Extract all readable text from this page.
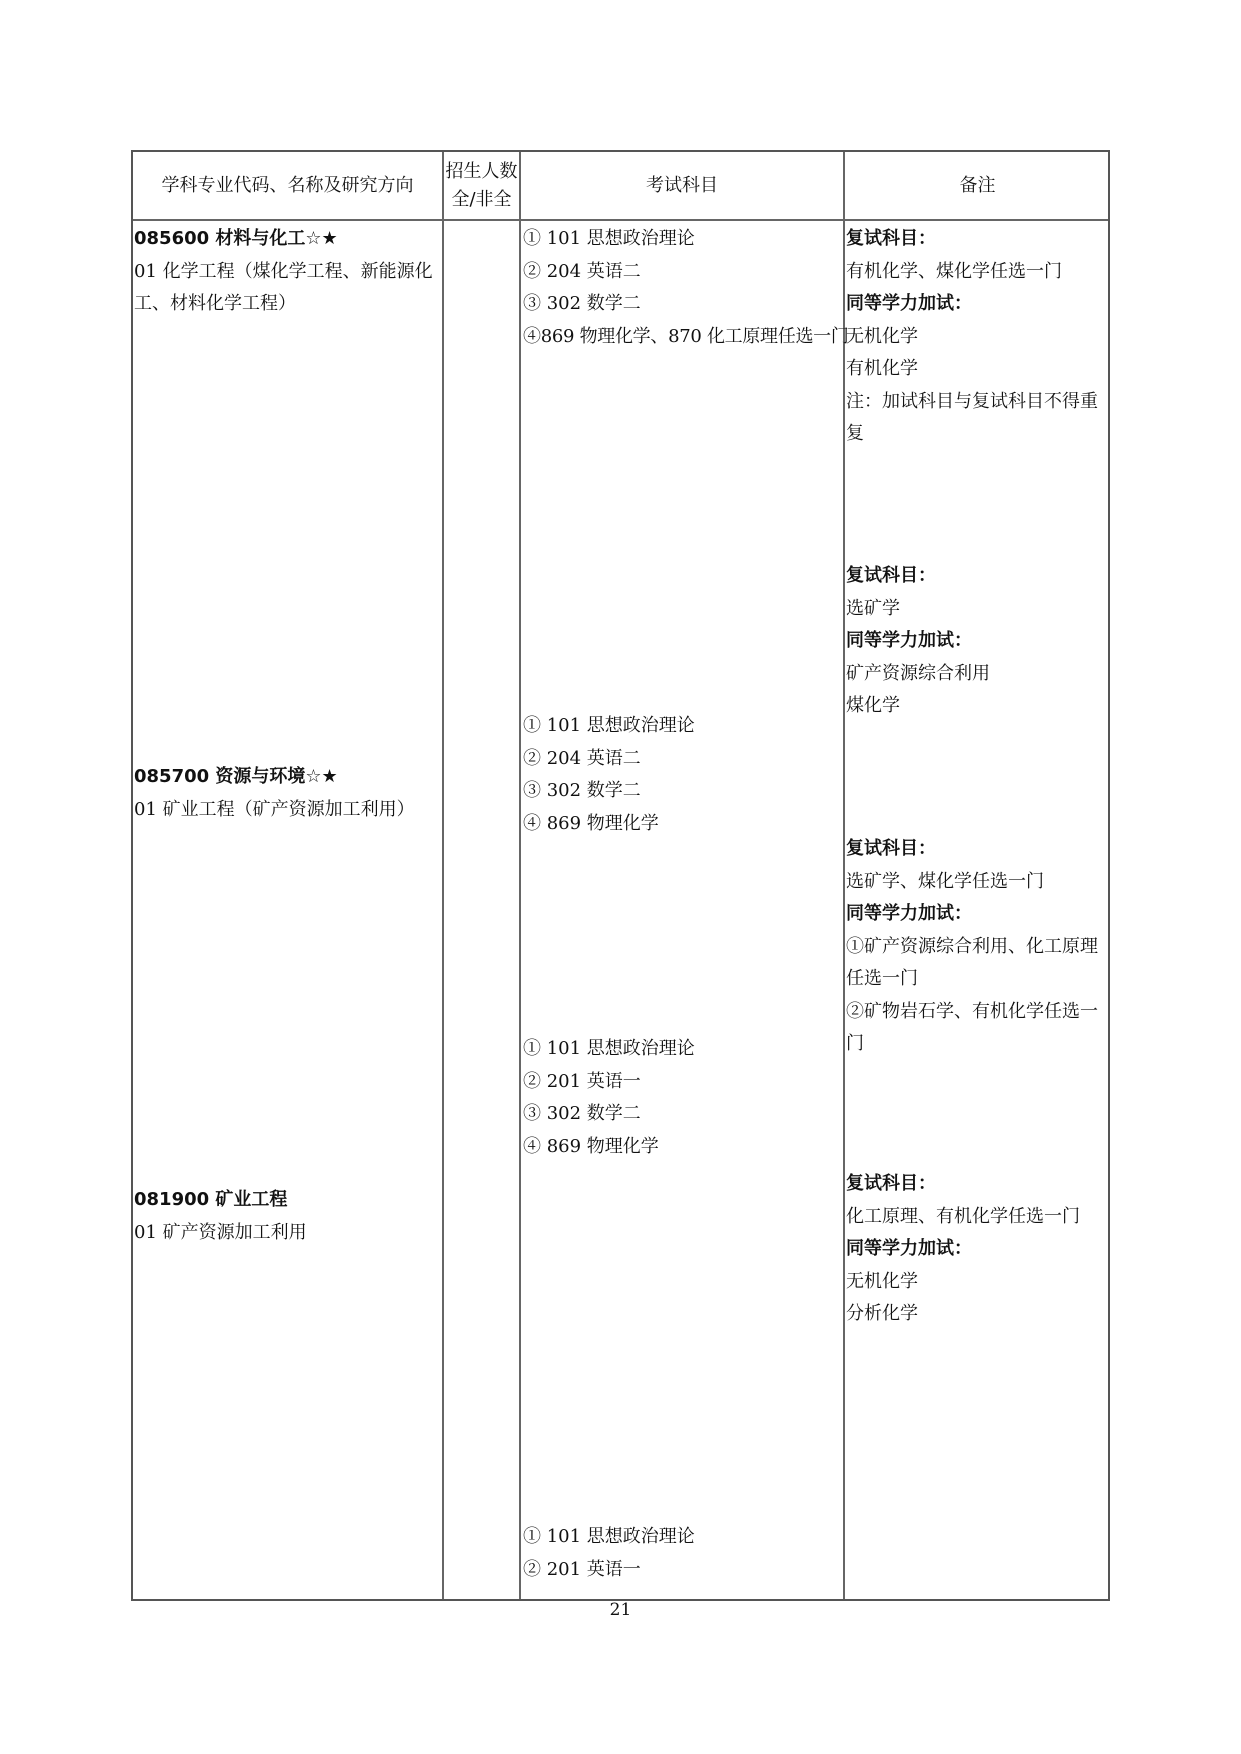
学科专业代码、名称及研究方向
招生人数
全/非全
考试科目	备注
085600 材料与化工☆★
01 化学工程（煤化学工程、新能源化工、材料化学工程）
085700 资源与环境☆★
01 矿业工程（矿产资源加工利用）
081900 矿业工程
01 矿产资源加工利用
① 101 思想政治理论
② 204 英语二
③ 302 数学二
④869 物理化学、870 化工原理任选一门
① 101 思想政治理论
② 204 英语二
③ 302 数学二
④ 869 物理化学
① 101 思想政治理论
② 201 英语一
③ 302 数学二
④ 869 物理化学
① 101 思想政治理论
② 201 英语一
复试科目：
有机化学、煤化学任选一门
同等学力加试：
无机化学
有机化学
注：加试科目与复试科目不得重复
复试科目：
选矿学
同等学力加试：
矿产资源综合利用
煤化学
复试科目：
选矿学、煤化学任选一门
同等学力加试：
①矿产资源综合利用、化工原理任选一门
②矿物岩石学、有机化学任选一门
复试科目：
化工原理、有机化学任选一门
同等学力加试：
无机化学
分析化学
21
